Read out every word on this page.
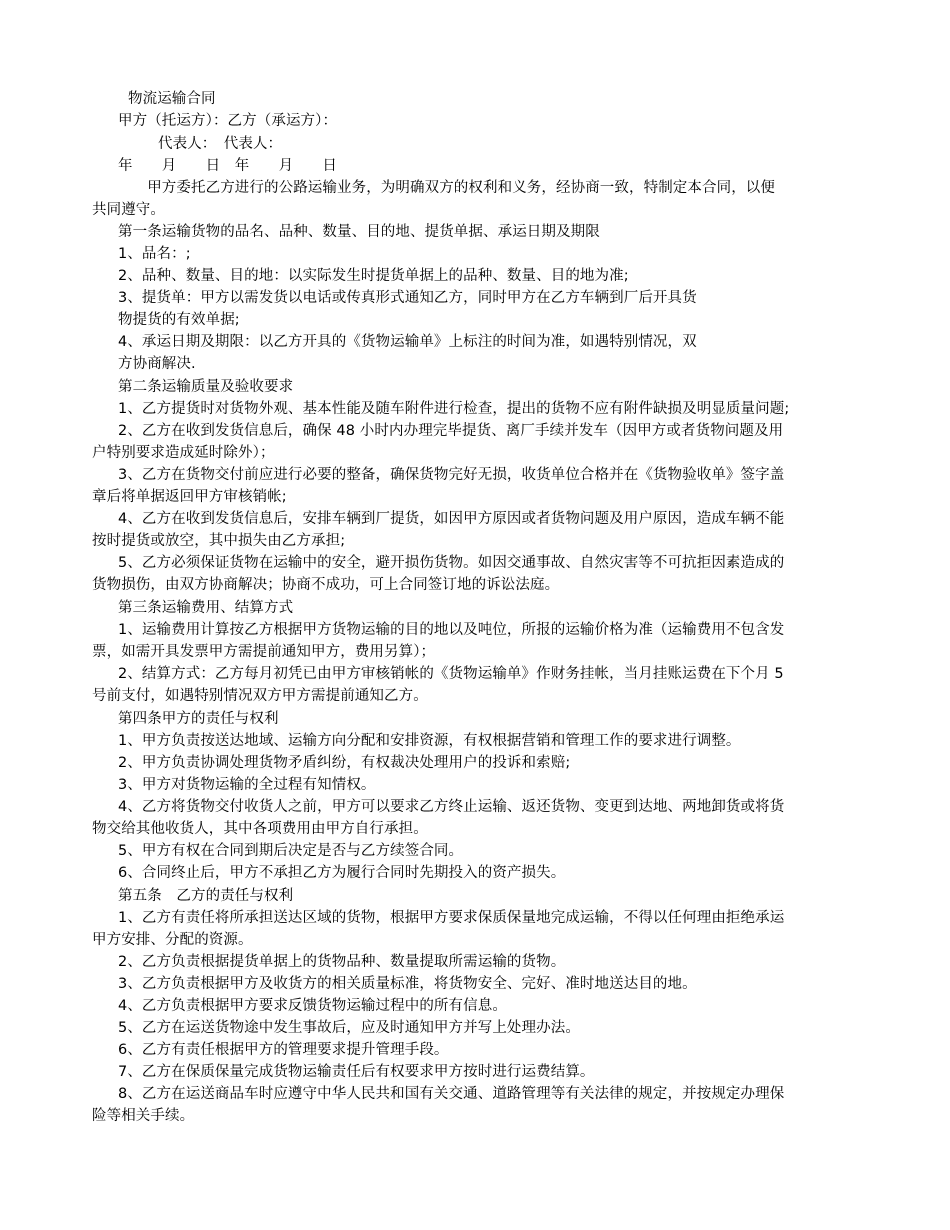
物流运输合同
甲方（托运方）：乙方（承运方）：
代表人：　代表人：
年　　月　　日　年　　月　　日
　　甲方委托乙方进行的公路运输业务，为明确双方的权利和义务，经协商一致，特制定本合同，以便
共同遵守。
第一条运输货物的品名、品种、数量、目的地、提货单据、承运日期及期限
1、品名：;
2、品种、数量、目的地：以实际发生时提货单据上的品种、数量、目的地为准;
3、提货单：甲方以需发货以电话或传真形式通知乙方，同时甲方在乙方车辆到厂后开具货
物提货的有效单据;
4、承运日期及期限：以乙方开具的《货物运输单》上标注的时间为准，如遇特别情况，双
方协商解决.
第二条运输质量及验收要求
1、乙方提货时对货物外观、基本性能及随车附件进行检查，提出的货物不应有附件缺损及明显质量问题;
2、乙方在收到发货信息后，确保 48 小时内办理完毕提货、离厂手续并发车（因甲方或者货物问题及用
户特别要求造成延时除外）；
3、乙方在货物交付前应进行必要的整备，确保货物完好无损，收货单位合格并在《货物验收单》签字盖
章后将单据返回甲方审核销帐;
4、乙方在收到发货信息后，安排车辆到厂提货，如因甲方原因或者货物问题及用户原因，造成车辆不能
按时提货或放空，其中损失由乙方承担;
5、乙方必须保证货物在运输中的安全，避开损伤货物。如因交通事故、自然灾害等不可抗拒因素造成的
货物损伤，由双方协商解决；协商不成功，可上合同签订地的诉讼法庭。
第三条运输费用、结算方式
1、运输费用计算按乙方根据甲方货物运输的目的地以及吨位，所报的运输价格为准（运输费用不包含发
票，如需开具发票甲方需提前通知甲方，费用另算）；
2、结算方式：乙方每月初凭已由甲方审核销帐的《货物运输单》作财务挂帐，当月挂账运费在下个月 5
号前支付，如遇特别情况双方甲方需提前通知乙方。
第四条甲方的责任与权利
1、甲方负责按送达地域、运输方向分配和安排资源，有权根据营销和管理工作的要求进行调整。
2、甲方负责协调处理货物矛盾纠纷，有权裁决处理用户的投诉和索赔;
3、甲方对货物运输的全过程有知情权。
4、乙方将货物交付收货人之前，甲方可以要求乙方终止运输、返还货物、变更到达地、两地卸货或将货
物交给其他收货人，其中各项费用由甲方自行承担。
5、甲方有权在合同到期后决定是否与乙方续签合同。
6、合同终止后，甲方不承担乙方为履行合同时先期投入的资产损失。
第五条　乙方的责任与权利
1、乙方有责任将所承担送达区域的货物，根据甲方要求保质保量地完成运输，不得以任何理由拒绝承运
甲方安排、分配的资源。
2、乙方负责根据提货单据上的货物品种、数量提取所需运输的货物。
3、乙方负责根据甲方及收货方的相关质量标准，将货物安全、完好、准时地送达目的地。
4、乙方负责根据甲方要求反馈货物运输过程中的所有信息。
5、乙方在运送货物途中发生事故后，应及时通知甲方并写上处理办法。
6、乙方有责任根据甲方的管理要求提升管理手段。
7、乙方在保质保量完成货物运输责任后有权要求甲方按时进行运费结算。
8、乙方在运送商品车时应遵守中华人民共和国有关交通、道路管理等有关法律的规定，并按规定办理保
险等相关手续。
